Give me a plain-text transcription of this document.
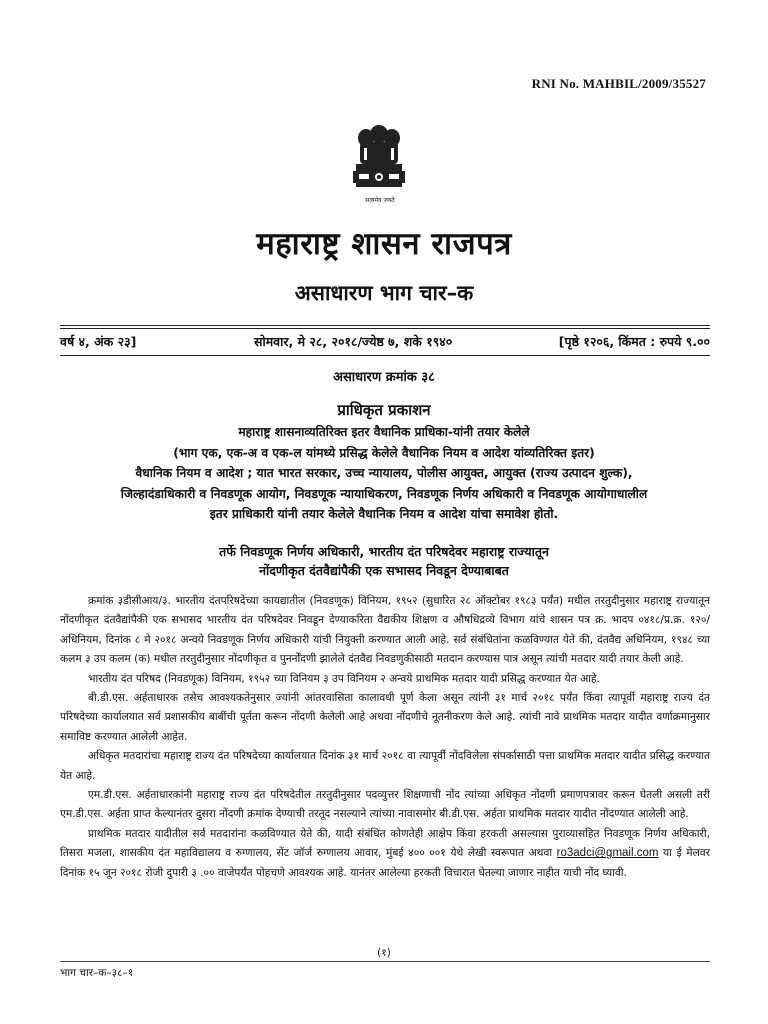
RNI No. MAHBIL/2009/35527
सत्यमेव जयते
महाराष्ट्र शासन राजपत्र
असाधारण भाग चार–क
वर्ष ४, अंक २३]	सोमवार, मे २८, २०१८/ज्येष्ठ ७, शके १९४०	[पृष्ठे १२०६, किंमत : रुपये ९.००
असाधारण क्रमांक ३८
प्राधिकृत प्रकाशन
महाराष्ट्र शासनाव्यतिरिक्त इतर वैधानिक प्राधिका-यांनी तयार केलेले
(भाग एक, एक-अ व एक-ल यांमध्ये प्रसिद्ध केलेले वैधानिक नियम व आदेश यांव्यतिरिक्त इतर)
वैधानिक नियम व आदेश ; यात भारत सरकार, उच्च न्यायालय, पोलीस आयुक्त, आयुक्त (राज्य उत्पादन शुल्क),
जिल्हादंडाधिकारी व निवडणूक आयोग, निवडणूक न्यायाधिकरण, निवडणूक निर्णय अधिकारी व निवडणूक आयोगाधालील
इतर प्राधिकारी यांनी तयार केलेले वैधानिक नियम व आदेश यांचा समावेश होतो.
तर्फे निवडणूक निर्णय अधिकारी, भारतीय दंत परिषदेवर महाराष्ट्र राज्यातून
नोंदणीकृत दंतवैद्यांपैकी एक सभासद निवडून देण्याबाबत

क्रमांक ३डीसीआय/३. भारतीय दंतपरिषदेच्या कायद्यातील (निवडणूक) विनियम, १९५२ (सुधारित २८ ऑक्टोबर १९८३ पर्यंत) मधील तरतुदीनुसार महाराष्ट्र राज्यातून नोंदणीकृत दंतवैद्यांपैकी एक सभासद भारतीय दंत परिषदेवर निवडून देण्याकरिता वैद्यकीय शिक्षण व औषधिद्रव्ये विभाग यांचे शासन पत्र क्र. भादप ०४१८/प्र.क्र. १२०/अधिनियम, दिनांक ८ मे २०१८ अन्वये निवडणूक निर्णय अधिकारी यांची नियुक्ती करण्यात आली आहे. सर्व संबंधितांना कळविण्यात येते की, दंतवैद्य अधिनियम, १९४८ च्या कलम ३ उप कलम (क) मधील तरतुदीनुसार नोंदणीकृत व पुनर्नोंदणी झालेले दंतवैद्य निवडणुकीसाठी मतदान करण्यास पात्र असून त्यांची मतदार यादी तयार केली आहे.

भारतीय दंत परिषद (निवडणूक) विनियम, १९५२ च्या विनियम ३ उप विनियम २ अन्वये प्राथमिक मतदार यादी प्रसिद्ध करण्यात येत आहे.

बी.डी.एस. अर्हताधारक तसेच आवश्यकतेनुसार ज्यांनी आंतरवासिता कालावधी पूर्ण केला असून त्यांनी ३१ मार्च २०१८ पर्यंत किंवा त्यापूर्वी महाराष्ट्र राज्य दंत परिषदेच्या कार्यालयात सर्व प्रशासकीय बाबींची पूर्तता करून नोंदणी केलेली आहे अथवा नोंदणीचे नूतनीकरण केले आहे. त्यांची नावे प्राथमिक मतदार यादीत वर्णाक्रमानुसार समाविष्ट करण्यात आलेली आहेत.

अधिकृत मतदारांचा महाराष्ट्र राज्य दंत परिषदेच्या कार्यालयात दिनांक ३१ मार्च २०१८ वा त्यापूर्वी नोंदविलेला संपर्कासाठी पत्ता प्राथमिक मतदार यादीत प्रसिद्ध करण्यात येत आहे.

एम.डी.एस. अर्हताधारकांनी महाराष्ट्र राज्य दंत परिषदेतील तरतुदीनुसार पदव्युत्तर शिक्षणाची नोंद त्यांच्या अधिकृत नोंदणी प्रमाणपत्रावर करून घेतली असली तरी एम.डी.एस. अर्हता प्राप्त केल्यानंतर दुसरा नोंदणी क्रमांक देण्याची तरतूद नसल्याने त्यांच्या नावासमोर बी.डी.एस. अर्हता प्राथमिक मतदार यादीत नोंदण्यात आलेली आहे.

प्राथमिक मतदार यादीतील सर्व मतदारांना कळविण्यात येते की, यादी संबंधित कोणतेही आक्षेप किंवा हरकती असल्यास पुराव्यासहित निवडणूक निर्णय अधिकारी, तिसरा मजला, शासकीय दंत महाविद्यालय व रुग्णालय, सेंट जॉर्ज रुग्णालय आवार, मुंबई ४०० ००१ येथे लेखी स्वरूपात अथवा ro3adci@gmail.com या ई मेलवर दिनांक १५ जून २०१८ रोजी दुपारी ३ .०० वाजेपर्यंत पोहचणे आवश्यक आहे. यानंतर आलेल्या हरकती विचारात घेतल्या जाणार नाहीत याची नोंद घ्यावी.

(१)
भाग चार–क–३८–१
